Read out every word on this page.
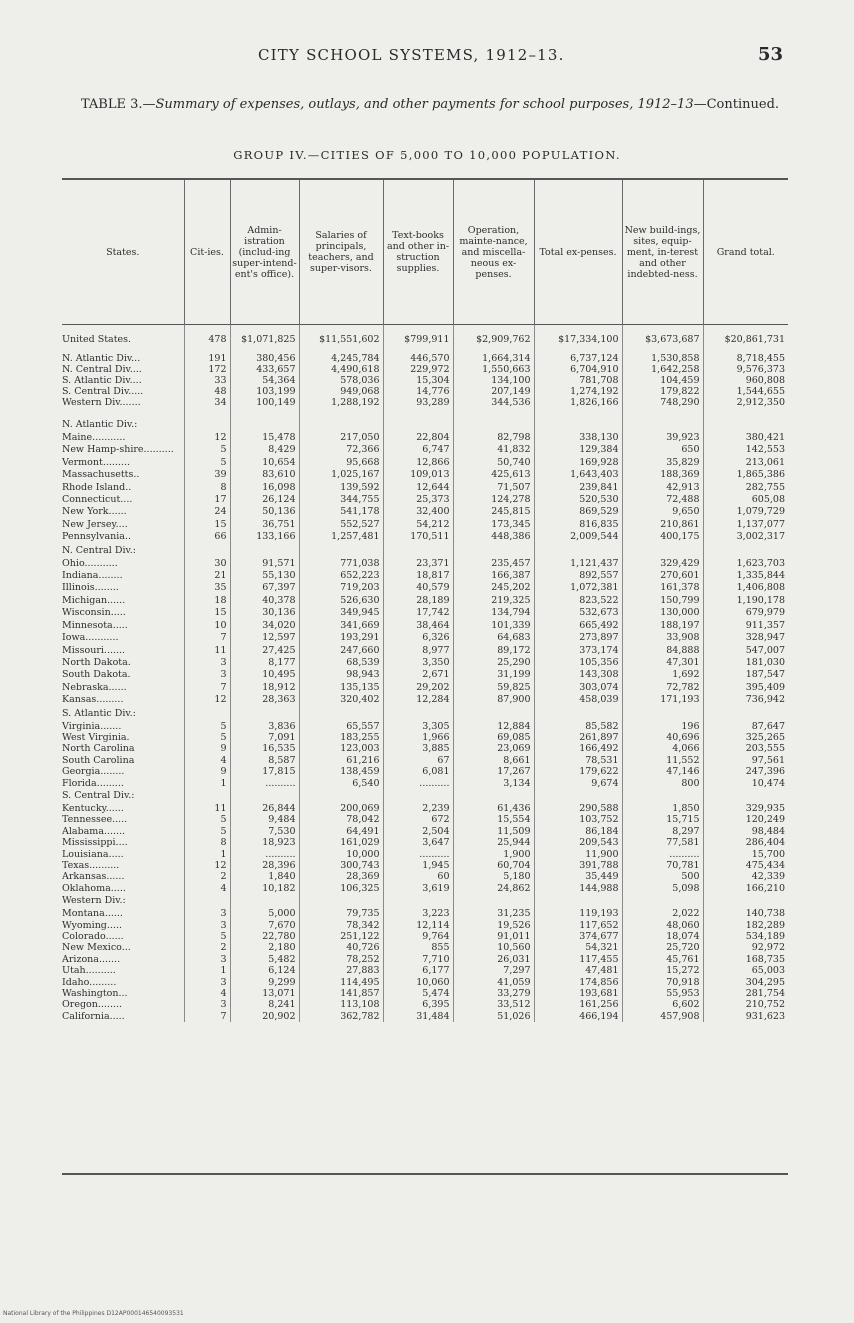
CITY SCHOOL SYSTEMS, 1912–13.	53
TABLE 3.—Summary of expenses, outlays, and other payments for school purposes, 1912–13—Continued.
GROUP IV.—CITIES OF 5,000 TO 10,000 POPULATION.
States.	Cit-ies.	Admin-istration (includ-ing super-intend-ent's office).	Salaries of principals, teachers, and super-visors.	Text-books and other in-struction supplies.	Operation, mainte-nance, and miscella-neous ex-penses.	Total ex-penses.	New build-ings, sites, equip-ment, in-terest and other indebted-ness.	Grand total.
United States.	478	$1,071,825	$11,551,602	$799,911	$2,909,762	$17,334,100	$3,673,687	$20,861,731
N. Atlantic Div...	191	380,456	4,245,784	446,570	1,664,314	6,737,124	1,530,858	8,718,455
N. Central Div....	172	433,657	4,490,618	229,972	1,550,663	6,704,910	1,642,258	9,576,373
S. Atlantic Div....	33	54,364	578,036	15,304	134,100	781,708	104,459	960,808
S. Central Div.....	48	103,199	949,068	14,776	207,149	1,274,192	179,822	1,544,655
Western Div.......	34	100,149	1,288,192	93,289	344,536	1,826,166	748,290	2,912,350

N. Atlantic Div.:								
Maine...........	12	15,478	217,050	22,804	82,798	338,130	39,923	380,421
New Hamp-shire..........	5	8,429	72,366	6,747	41,832	129,384	650	142,553
Vermont.........	5	10,654	95,668	12,866	50,740	169,928	35,829	213,061
Massachusetts..	39	83,610	1,025,167	109,013	425,613	1,643,403	188,369	1,865,386
Rhode Island..	8	16,098	139,592	12,644	71,507	239,841	42,913	282,755
Connecticut....	17	26,124	344,755	25,373	124,278	520,530	72,488	605,08
New York......	24	50,136	541,178	32,400	245,815	869,529	9,650	1,079,729
New Jersey....	15	36,751	552,527	54,212	173,345	816,835	210,861	1,137,077
Pennsylvania..	66	133,166	1,257,481	170,511	448,386	2,009,544	400,175	3,002,317
N. Central Div.:								
Ohio...........	30	91,571	771,038	23,371	235,457	1,121,437	329,429	1,623,703
Indiana........	21	55,130	652,223	18,817	166,387	892,557	270,601	1,335,844
Illinois........	35	67,397	719,203	40,579	245,202	1,072,381	161,378	1,406,808
Michigan......	18	40,378	526,630	28,189	219,325	823,522	150,799	1,190,178
Wisconsin.....	15	30,136	349,945	17,742	134,794	532,673	130,000	679,979
Minnesota.....	10	34,020	341,669	38,464	101,339	665,492	188,197	911,357
Iowa...........	7	12,597	193,291	6,326	64,683	273,897	33,908	328,947
Missouri.......	11	27,425	247,660	8,977	89,172	373,174	84,888	547,007
North Dakota.	3	8,177	68,539	3,350	25,290	105,356	47,301	181,030
South Dakota.	3	10,495	98,943	2,671	31,199	143,308	1,692	187,547
Nebraska......	7	18,912	135,135	29,202	59,825	303,074	72,782	395,409
Kansas.........	12	28,363	320,402	12,284	87,900	458,039	171,193	736,942
S. Atlantic Div.:								
Virginia.......	5	3,836	65,557	3,305	12,884	85,582	196	87,647
West Virginia.	5	7,091	183,255	1,966	69,085	261,897	40,696	325,265
North Carolina	9	16,535	123,003	3,885	23,069	166,492	4,066	203,555
South Carolina	4	8,587	61,216	67	8,661	78,531	11,552	97,561
Georgia........	9	17,815	138,459	6,081	17,267	179,622	47,146	247,396
Florida.........	1	..........	6,540	..........	3,134	9,674	800	10,474
S. Central Div.:								
Kentucky......	11	26,844	200,069	2,239	61,436	290,588	1,850	329,935
Tennessee.....	5	9,484	78,042	672	15,554	103,752	15,715	120,249
Alabama.......	5	7,530	64,491	2,504	11,509	86,184	8,297	98,484
Mississippi....	8	18,923	161,029	3,647	25,944	209,543	77,581	286,404
Louisiana.....	1	..........	10,000	..........	1,900	11,900	..........	15,700
Texas..........	12	28,396	300,743	1,945	60,704	391,788	70,781	475,434
Arkansas......	2	1,840	28,369	60	5,180	35,449	500	42,339
Oklahoma.....	4	10,182	106,325	3,619	24,862	144,988	5,098	166,210
Western Div.:								
Montana......	3	5,000	79,735	3,223	31,235	119,193	2,022	140,738
Wyoming.....	3	7,670	78,342	12,114	19,526	117,652	48,060	182,289
Colorado......	5	22,780	251,122	9,764	91,011	374,677	18,074	534,189
New Mexico...	2	2,180	40,726	855	10,560	54,321	25,720	92,972
Arizona.......	3	5,482	78,252	7,710	26,031	117,455	45,761	168,735
Utah..........	1	6,124	27,883	6,177	7,297	47,481	15,272	65,003
Idaho.........	3	9,299	114,495	10,060	41,059	174,856	70,918	304,295
Washington...	4	13,071	141,857	5,474	33,279	193,681	55,953	281,754
Oregon........	3	8,241	113,108	6,395	33,512	161,256	6,602	210,752
California.....	7	20,902	362,782	31,484	51,026	466,194	457,908	931,623
National Library of the Philippines D12AP000146540093531
